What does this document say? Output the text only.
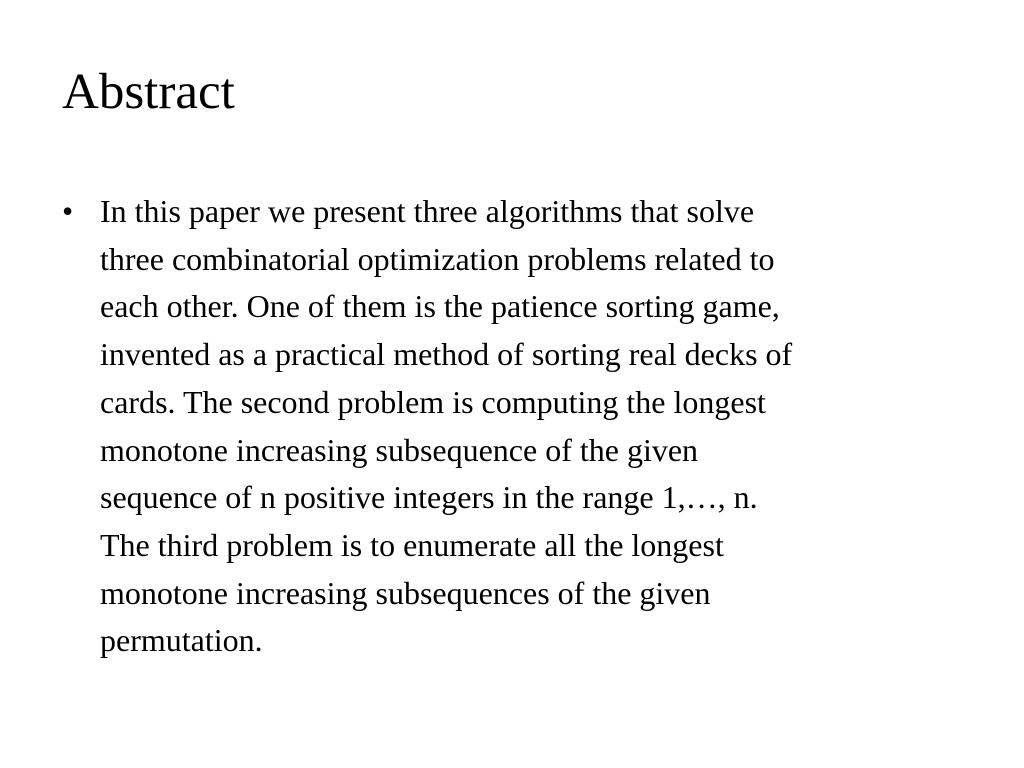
Abstract
• In this paper we present three algorithms that solve
three combinatorial optimization problems related to
each other. One of them is the patience sorting game,
invented as a practical method of sorting real decks of
cards. The second problem is computing the longest
monotone increasing subsequence of the given
sequence of n positive integers in the range 1,…, n.
The third problem is to enumerate all the longest
monotone increasing subsequences of the given
permutation.
